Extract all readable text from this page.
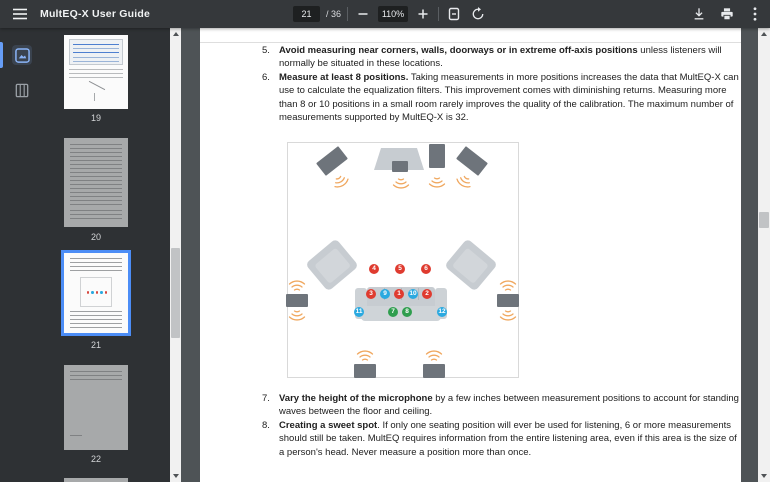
MultEQ-X User Guide	21	/ 36	110%
19
20
21
22
5. Avoid measuring near corners, walls, doorways or in extreme off-axis positions unless listeners will normally be situated in these locations.
6. Measure at least 8 positions. Taking measurements in more positions increases the data that MultEQ-X can use to calculate the equalization filters. This improvement comes with diminishing returns. Measuring more than 8 or 10 positions in a small room rarely improves the quality of the calibration. The maximum number of measurements supported by MultEQ-X is 32.
1	2
3
4	5	6
7	8
9	10
11	12
7. Vary the height of the microphone by a few inches between measurement positions to account for standing waves between the floor and ceiling.
8. Creating a sweet spot. If only one seating position will ever be used for listening, 6 or more measurements should still be taken. MultEQ requires information from the entire listening area, even if this area is the size of a person's head. Never measure a position more than once.
